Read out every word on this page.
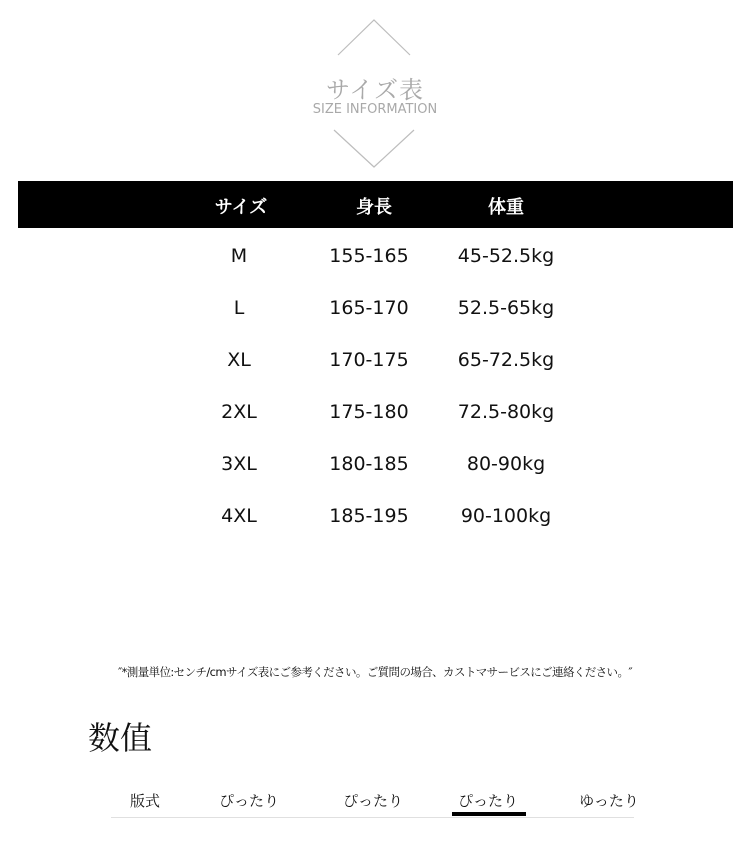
サイズ表
SIZE INFORMATION
サイズ	身長	体重
M	155-165	45-52.5kg
L	165-170	52.5-65kg
XL	170-175	65-72.5kg
2XL	175-180	72.5-80kg
3XL	180-185	80-90kg
4XL	185-195	90-100kg
″*測量単位:センチ/cmサイズ表にご参考ください。ご質問の場合、カストマサービスにご連絡ください。″
数值
版式	ぴったり	ぴったり	ぴったり	ゆったり
